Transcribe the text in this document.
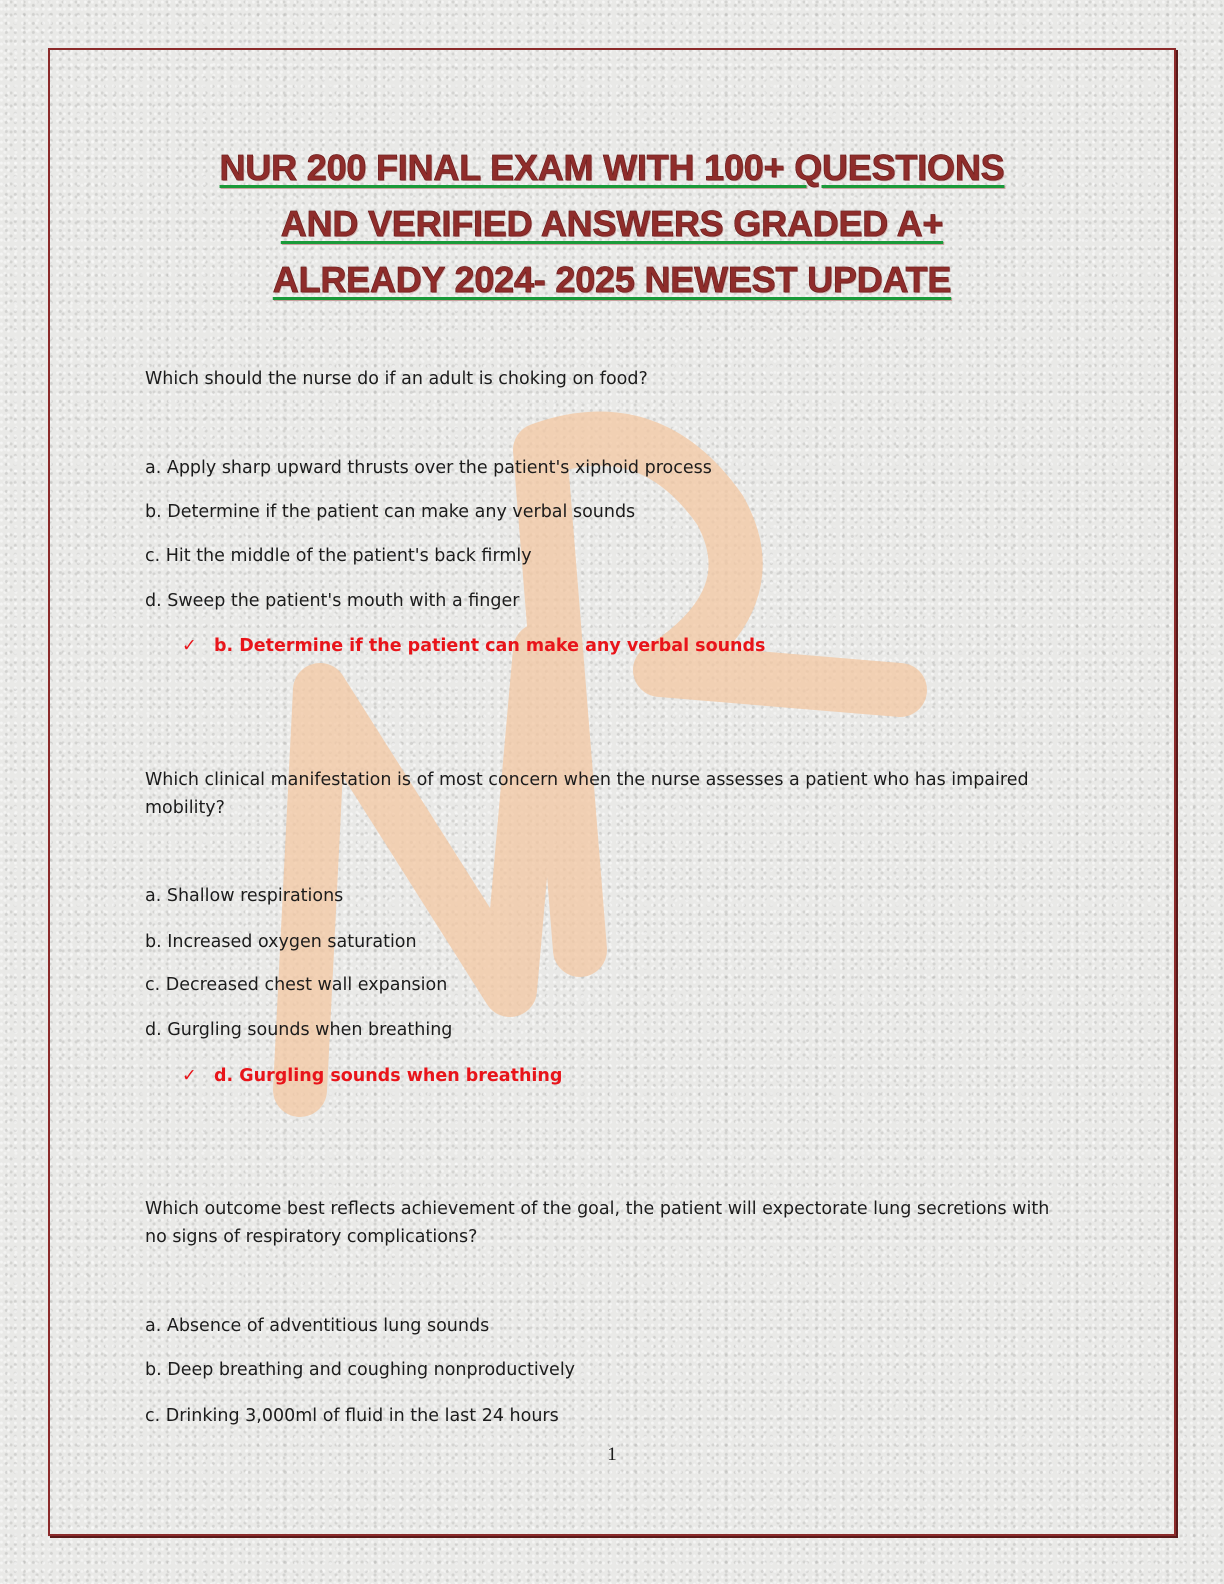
NUR 200 FINAL EXAM WITH 100+ QUESTIONS
AND VERIFIED ANSWERS GRADED A+
ALREADY 2024- 2025 NEWEST UPDATE

Which should the nurse do if an adult is choking on food?

a. Apply sharp upward thrusts over the patient's xiphoid process

b. Determine if the patient can make any verbal sounds

c. Hit the middle of the patient's back firmly

d. Sweep the patient's mouth with a finger

✓ b. Determine if the patient can make any verbal sounds

Which clinical manifestation is of most concern when the nurse assesses a patient who has impaired mobility?

a. Shallow respirations

b. Increased oxygen saturation

c. Decreased chest wall expansion

d. Gurgling sounds when breathing

✓ d. Gurgling sounds when breathing

Which outcome best reflects achievement of the goal, the patient will expectorate lung secretions with no signs of respiratory complications?

a. Absence of adventitious lung sounds

b. Deep breathing and coughing nonproductively

c. Drinking 3,000ml of fluid in the last 24 hours

1
